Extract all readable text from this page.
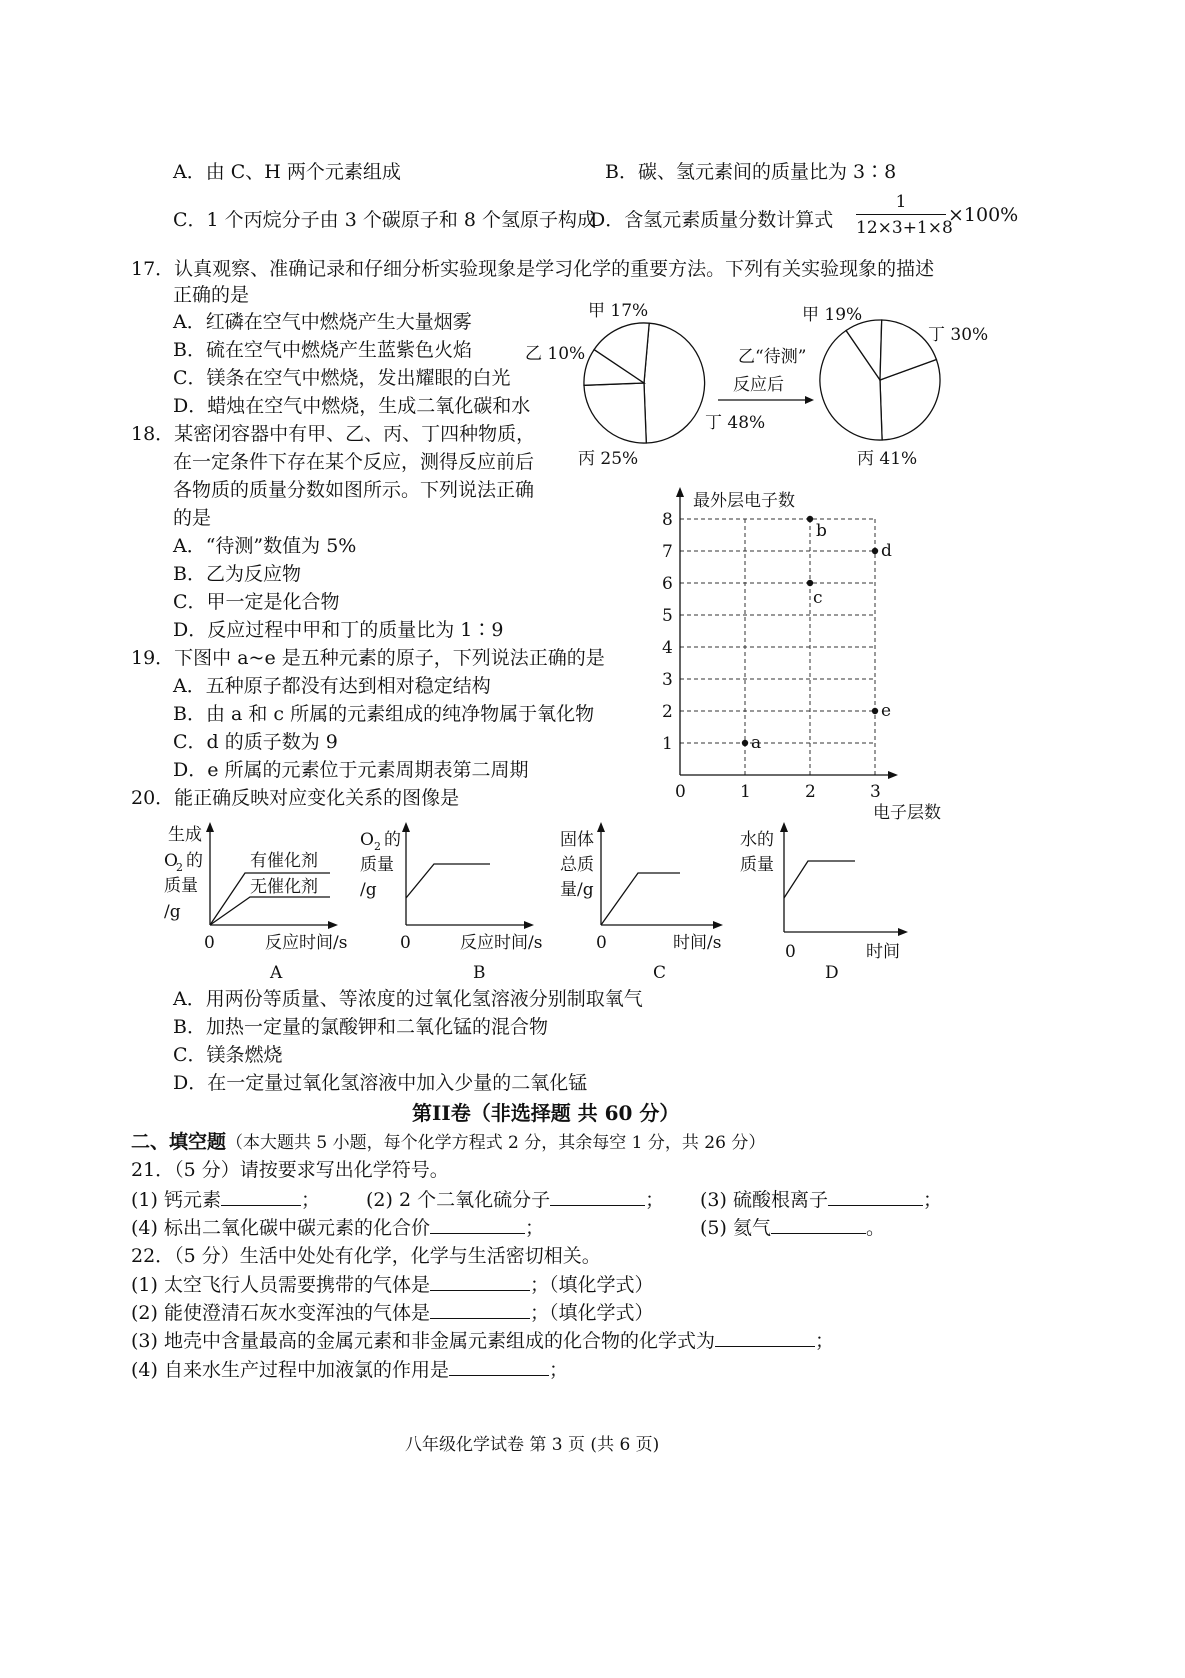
A．由 C、H 两个元素组成	B．碳、氢元素间的质量比为 3∶8
C．1 个丙烷分子由 3 个碳原子和 8 个氢原子构成
D．含氢元素质量分数计算式
1
12×3+1×8
×100%
17．认真观察、准确记录和仔细分析实验现象是学习化学的重要方法。下列有关实验现象的描述
正确的是
A．红磷在空气中燃烧产生大量烟雾
B．硫在空气中燃烧产生蓝紫色火焰
C．镁条在空气中燃烧，发出耀眼的白光
D．蜡烛在空气中燃烧，生成二氧化碳和水
18．某密闭容器中有甲、乙、丙、丁四种物质，
在一定条件下存在某个反应，测得反应前后
各物质的质量分数如图所示。下列说法正确
的是
A．“待测”数值为 5%
B．乙为反应物
C．甲一定是化合物
D．反应过程中甲和丁的质量比为 1∶9
19．下图中 a~e 是五种元素的原子，下列说法正确的是
A．五种原子都没有达到相对稳定结构
B．由 a 和 c 所属的元素组成的纯净物属于氧化物
C．d 的质子数为 9
D．e 所属的元素位于元素周期表第二周期
20．能正确反映对应变化关系的图像是
A．用两份等质量、等浓度的过氧化氢溶液分别制取氧气
B．加热一定量的氯酸钾和二氧化锰的混合物
C．镁条燃烧
D．在一定量过氧化氢溶液中加入少量的二氧化锰
第II卷（非选择题 共 60 分）
二、填空题（本大题共 5 小题，每个化学方程式 2 分，其余每空 1 分，共 26 分）
21．（5 分）请按要求写出化学符号。
(1) 钙元素	； (2) 2 个二氧化硫分子	； (3) 硫酸根离子	；
(4) 标出二氧化碳中碳元素的化合价	；	(5) 氦气	。
22．（5 分）生活中处处有化学，化学与生活密切相关。
(1) 太空飞行人员需要携带的气体是	；（填化学式）
(2) 能使澄清石灰水变浑浊的气体是	；（填化学式）
(3) 地壳中含量最高的金属元素和非金属元素组成的化合物的化学式为	；
(4) 自来水生产过程中加液氯的作用是	；
八年级化学试卷 第 3 页 (共 6 页)
甲 17%
乙 10%
丙 25%
丁 48%
甲 19%
乙“待测”
丙 41%
丁 30%
反应后
最外层电子数
电子层数
0	1	2	3
1
2
3
4
5
6
7
8
a
b
c
d
e
生成
O
2 的
质量
/g
有催化剂
无催化剂
0	反应时间/s
A
O 2 的
质量
/g
0	反应时间/s
B
固体
总质
量/g
0	时间/s
C
水的
质量
0	时间
D
